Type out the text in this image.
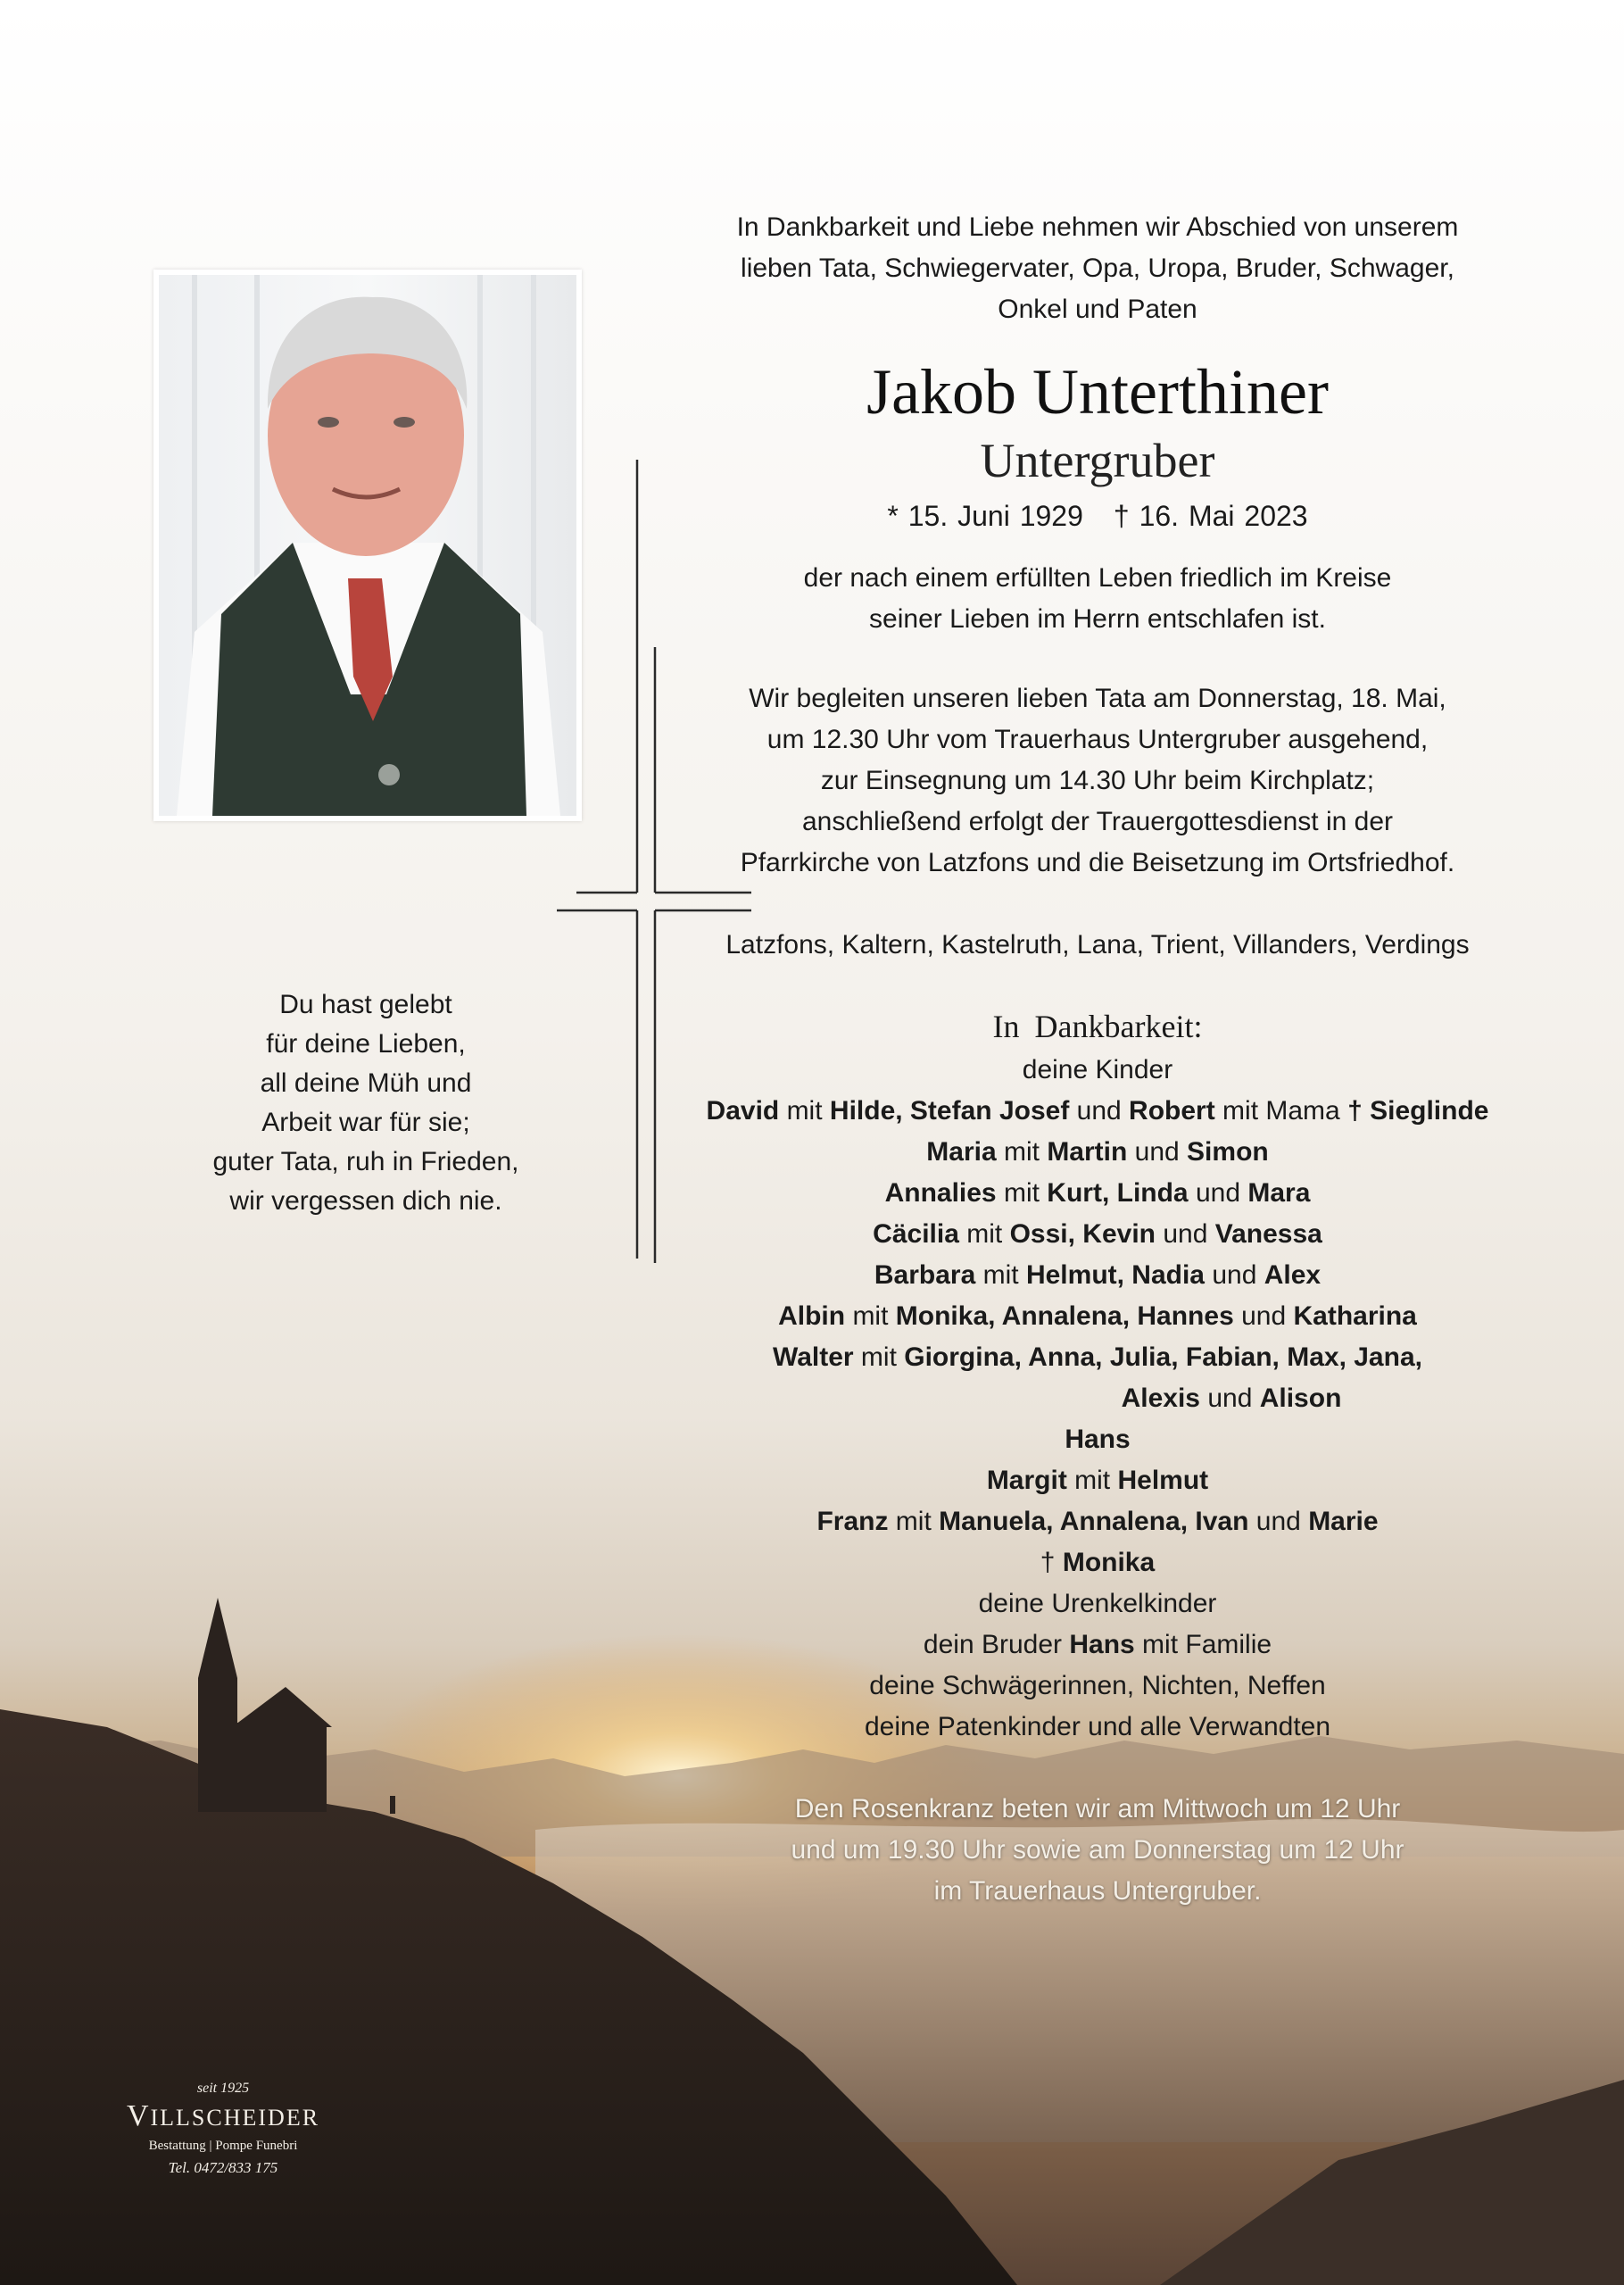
In Dankbarkeit und Liebe nehmen wir Abschied von unserem
lieben Tata, Schwiegervater, Opa, Uropa, Bruder, Schwager,
Onkel und Paten
Jakob Unterthiner
Untergruber
* 15. Juni 1929 † 16. Mai 2023
der nach einem erfüllten Leben friedlich im Kreise
seiner Lieben im Herrn entschlafen ist.
Wir begleiten unseren lieben Tata am Donnerstag, 18. Mai,
um 12.30 Uhr vom Trauerhaus Untergruber ausgehend,
zur Einsegnung um 14.30 Uhr beim Kirchplatz;
anschließend erfolgt der Trauergottesdienst in der
Pfarrkirche von Latzfons und die Beisetzung im Ortsfriedhof.
Latzfons, Kaltern, Kastelruth, Lana, Trient, Villanders, Verdings
In Dankbarkeit:
deine Kinder
David mit Hilde, Stefan Josef und Robert mit Mama † Sieglinde
Maria mit Martin und Simon
Annalies mit Kurt, Linda und Mara
Cäcilia mit Ossi, Kevin und Vanessa
Barbara mit Helmut, Nadia und Alex
Albin mit Monika, Annalena, Hannes und Katharina
Walter mit Giorgina, Anna, Julia, Fabian, Max, Jana,
Alexis und Alison
Hans
Margit mit Helmut
Franz mit Manuela, Annalena, Ivan und Marie
† Monika
deine Urenkelkinder
dein Bruder Hans mit Familie
deine Schwägerinnen, Nichten, Neffen
deine Patenkinder und alle Verwandten
Den Rosenkranz beten wir am Mittwoch um 12 Uhr
und um 19.30 Uhr sowie am Donnerstag um 12 Uhr
im Trauerhaus Untergruber.
Du hast gelebt
für deine Lieben,
all deine Müh und
Arbeit war für sie;
guter Tata, ruh in Frieden,
wir vergessen dich nie.
seit 1925
VILLSCHEIDER
Bestattung | Pompe Funebri
Tel. 0472/833 175
